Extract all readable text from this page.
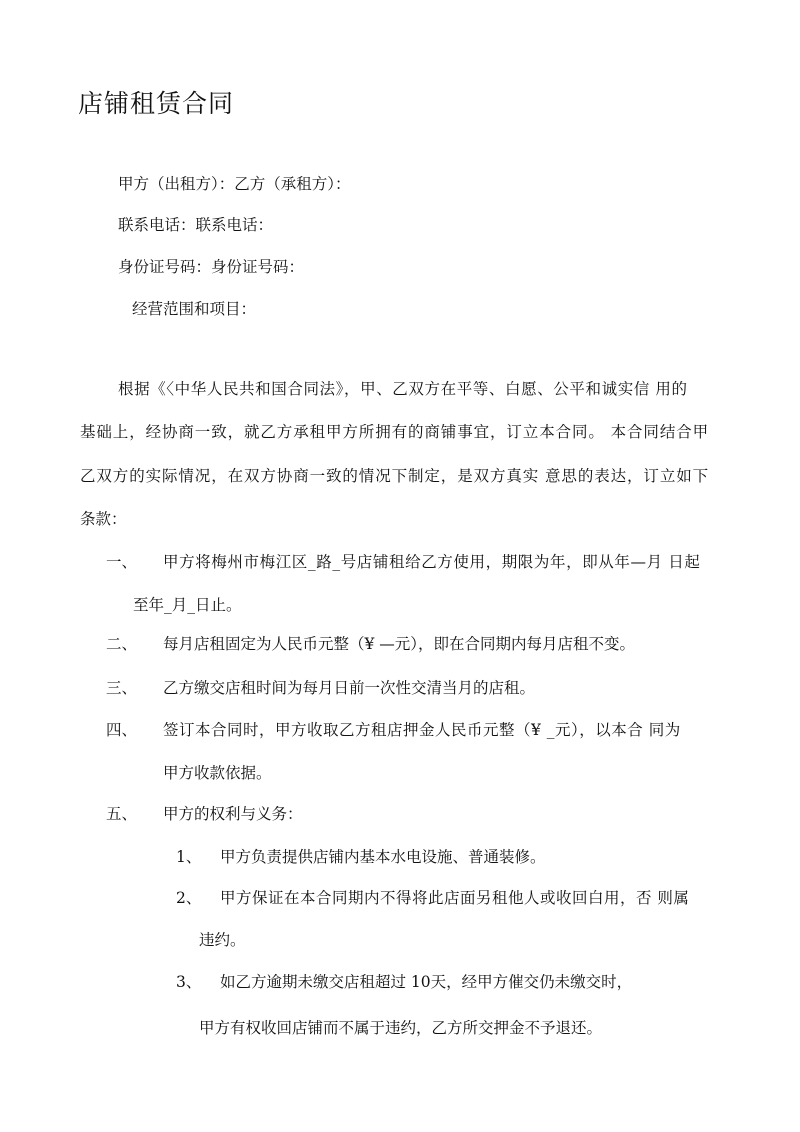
店铺租赁合同
甲方（出租方）：乙方（承租方）：
联系电话：联系电话：
身份证号码：身份证号码：
经营范围和项目：
根据《〈中华人民共和国合同法》，甲、乙双方在平等、白愿、公平和诚实信 用的
基础上，经协商一致，就乙方承租甲方所拥有的商铺事宜，订立本合同。 本合同结合甲
乙双方的实际情况，在双方协商一致的情况下制定，是双方真实 意思的表达，订立如下
条款：
一、 甲方将梅州市梅江区_路_号店铺租给乙方使用，期限为年，即从年—月 日起
至年_月_日止。
二、 每月店租固定为人民币元整（¥ —元），即在合同期内每月店租不变。
三、 乙方缴交店租时间为每月日前一次性交清当月的店租。
四、 签订本合同时，甲方收取乙方租店押金人民币元整（¥ _元），以本合 同为
甲方收款依据。
五、 甲方的权利与义务：
1、 甲方负责提供店铺内基本水电设施、普通装修。
2、 甲方保证在本合同期内不得将此店面另租他人或收回白用，否 则属
违约。
3、 如乙方逾期未缴交店租超过 10天，经甲方催交仍未缴交时，
甲方有权收回店铺而不属于违约，乙方所交押金不予退还。
